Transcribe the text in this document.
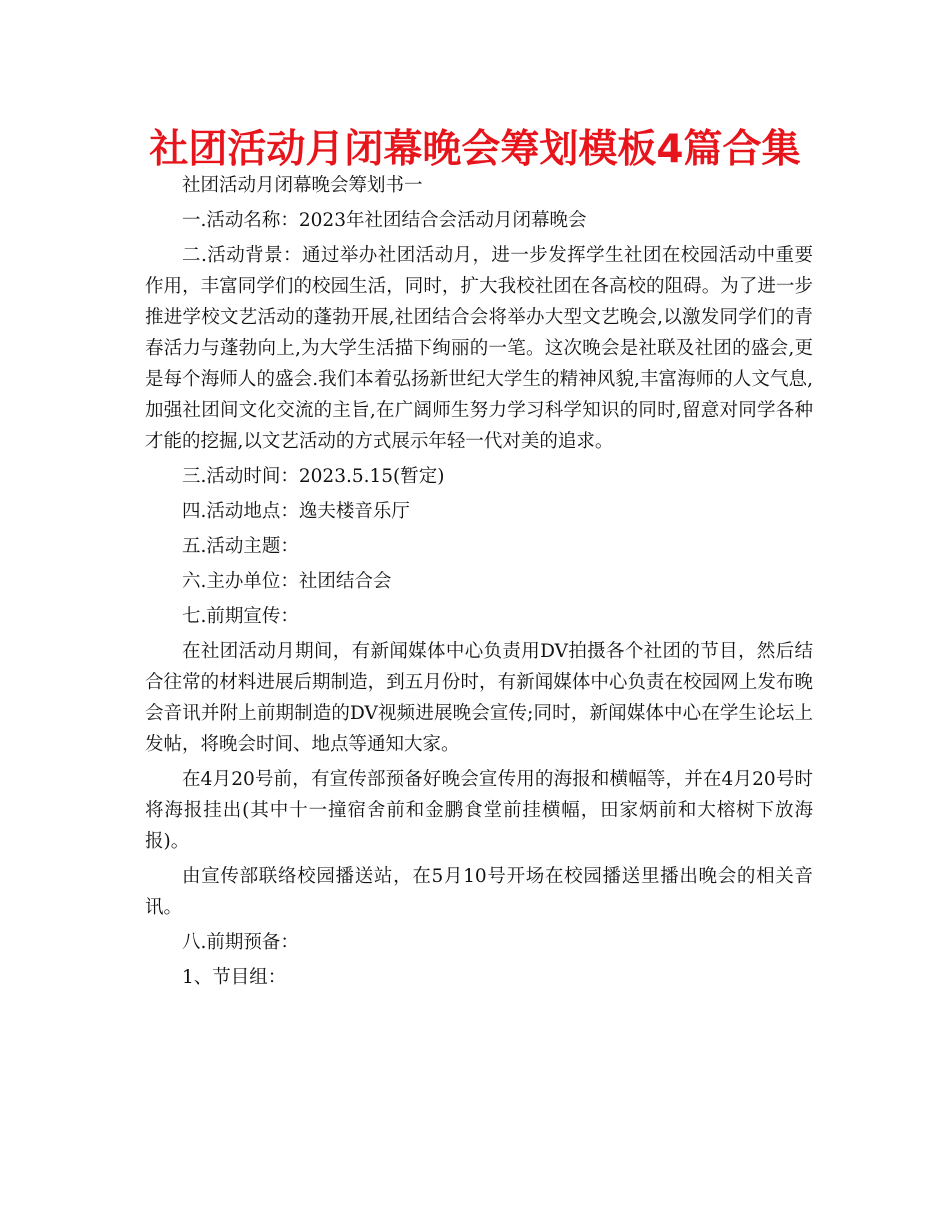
社团活动月闭幕晚会筹划模板4篇合集

社团活动月闭幕晚会筹划书一

一.活动名称：2023年社团结合会活动月闭幕晚会

二.活动背景：通过举办社团活动月，进一步发挥学生社团在校园活动中重要作用，丰富同学们的校园生活，同时，扩大我校社团在各高校的阻碍。为了进一步推进学校文艺活动的蓬勃开展,社团结合会将举办大型文艺晚会,以激发同学们的青春活力与蓬勃向上,为大学生活描下绚丽的一笔。这次晚会是社联及社团的盛会,更是每个海师人的盛会.我们本着弘扬新世纪大学生的精神风貌,丰富海师的人文气息,加强社团间文化交流的主旨,在广阔师生努力学习科学知识的同时,留意对同学各种才能的挖掘,以文艺活动的方式展示年轻一代对美的追求。

三.活动时间：2023.5.15(暂定)

四.活动地点：逸夫楼音乐厅

五.活动主题：

六.主办单位：社团结合会

七.前期宣传：

在社团活动月期间，有新闻媒体中心负责用DV拍摄各个社团的节目，然后结合往常的材料进展后期制造，到五月份时，有新闻媒体中心负责在校园网上发布晚会音讯并附上前期制造的DV视频进展晚会宣传;同时，新闻媒体中心在学生论坛上发帖，将晚会时间、地点等通知大家。

在4月20号前，有宣传部预备好晚会宣传用的海报和横幅等，并在4月20号时将海报挂出(其中十一撞宿舍前和金鹏食堂前挂横幅，田家炳前和大榕树下放海报)。

由宣传部联络校园播送站，在5月10号开场在校园播送里播出晚会的相关音讯。

八.前期预备：

1、节目组：
